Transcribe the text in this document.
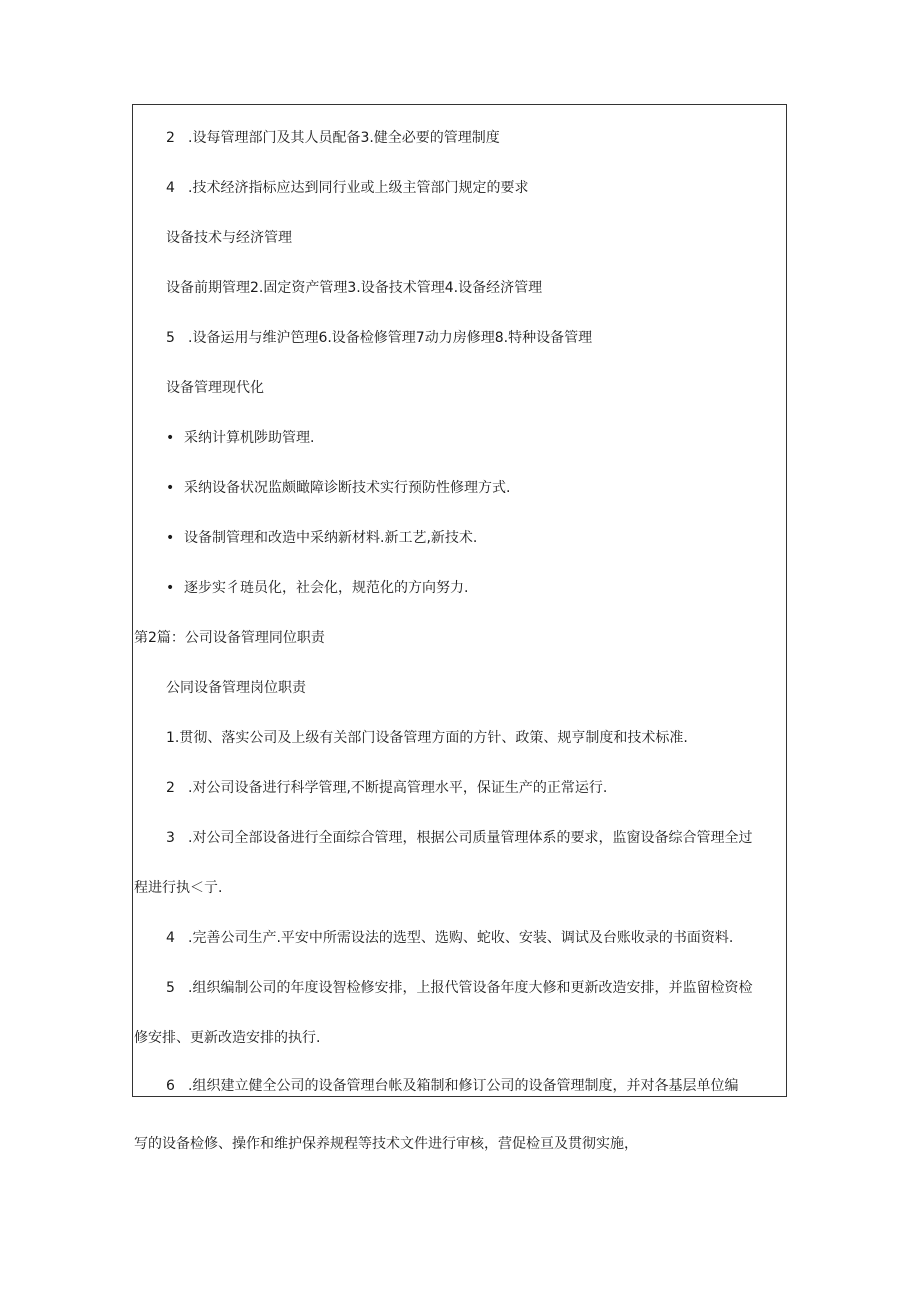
2 .设每管理部门及其人员配备3.健全必要的管理制度
4 .技术经济指标应达到同行业或上级主管部门规定的要求
设备技术与经济管理
设备前期管理2.固定资产管理3.设备技术管理4.设备经济管理
5 .设备运用与维沪笆理6.设备检修管理7动力房修理8.特种设备管理
设备管理现代化
• 采纳计算机陟助管理.
• 采纳设备状况监颇瞰障诊断技术实行预防性修理方式.
• 设备制管理和改造中采纳新材料.新工艺,新技术.
• 逐步实彳琏员化，社会化，规范化的方向努力.
第2篇：公司设备管理同位职责
公同设备管理岗位职责
1.贯彻、落实公司及上级有关部门设备管理方面的方针、政策、规亨制度和技术标准.
2 .对公司设备进行科学管理,不断提高管理水平，保证生产的正常运行.
3 .对公司全部设备进行全面综合管理，根据公司质量管理体系的要求，监窗设备综合管理全过
程进行执＜亍.
4 .完善公司生产.平安中所需设法的选型、选购、蛇收、安装、调试及台账收录的书面资料.
5 .组织编制公司的年度设智检修安排，上报代管设备年度大修和更新改造安排，并监留检资检
修安排、更新改造安排的执行.
6 .组织建立健全公司的设备管理台帐及箱制和修订公司的设备管理制度，并对各基层单位编
写的设备检修、操作和维护保养规程等技术文件进行审核，营促检亘及贯彻实施，
